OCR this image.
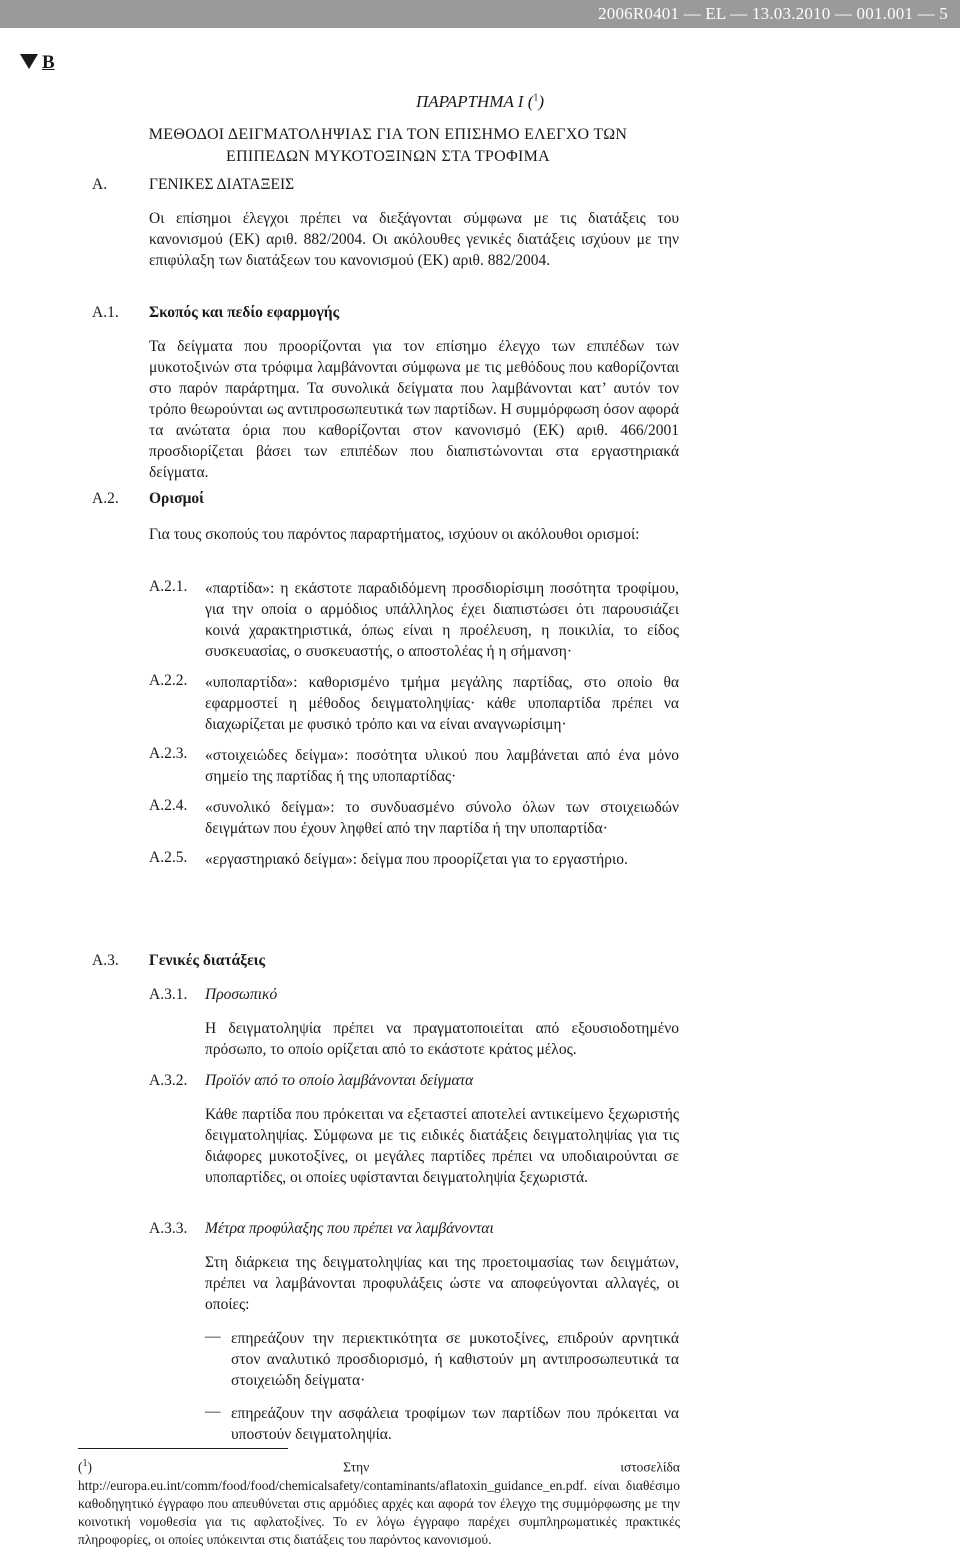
2006R0401 — EL — 13.03.2010 — 001.001 — 5
B
ΠΑΡΑΡΤΗΜΑ I ($^1$)
ΜΕΘΟΔΟΙ ΔΕΙΓΜΑΤΟΛΗΨΙΑΣ ΓΙΑ ΤΟΝ ΕΠΙΣΗΜΟ ΕΛΕΓΧΟ ΤΩΝ
ΕΠΙΠΕΔΩΝ ΜΥΚΟΤΟΞΙΝΩΝ ΣΤΑ ΤΡΟΦΙΜΑ
A.	ΓΕΝΙΚΕΣ ΔΙΑΤΑΞΕΙΣ

Οι επίσημοι έλεγχοι πρέπει να διεξάγονται σύμφωνα με τις διατάξεις του κανονισμού (ΕΚ) αριθ. 882/2004. Οι ακόλουθες γενικές διατάξεις ισχύουν με την επιφύλαξη των διατάξεων του κανονισμού (ΕΚ) αριθ. 882/2004.

A.1. Σκοπός και πεδίο εφαρμογής

Τα δείγματα που προορίζονται για τον επίσημο έλεγχο των επιπέδων των μυκοτοξινών στα τρόφιμα λαμβάνονται σύμφωνα με τις μεθόδους που καθορίζονται στο παρόν παράρτημα. Τα συνολικά δείγματα που λαμβάνονται κατ’ αυτόν τον τρόπο θεωρούνται ως αντιπροσωπευτικά των παρτίδων. Η συμμόρφωση όσον αφορά τα ανώτατα όρια που καθορίζονται στον κανονισμό (ΕΚ) αριθ. 466/2001 προσδιορίζεται βάσει των επιπέδων που διαπιστώνονται στα εργαστηριακά δείγματα.

A.2. Ορισμοί

Για τους σκοπούς του παρόντος παραρτήματος, ισχύουν οι ακόλουθοι ορισμοί:

A.2.1.	«παρτίδα»: η εκάστοτε παραδιδόμενη προσδιορίσιμη ποσότητα τροφίμου, για την οποία ο αρμόδιος υπάλληλος έχει διαπιστώσει ότι παρουσιάζει κοινά χαρακτηριστικά, όπως είναι η προέλευση, η ποικιλία, το είδος συσκευασίας, ο συσκευαστής, ο αποστολέας ή η σήμανση·

A.2.2.	«υποπαρτίδα»: καθορισμένο τμήμα μεγάλης παρτίδας, στο οποίο θα εφαρμοστεί η μέθοδος δειγματοληψίας· κάθε υποπαρτίδα πρέπει να διαχωρίζεται με φυσικό τρόπο και να είναι αναγνωρίσιμη·

A.2.3.	«στοιχειώδες δείγμα»: ποσότητα υλικού που λαμβάνεται από ένα μόνο σημείο της παρτίδας ή της υποπαρτίδας·

A.2.4.	«συνολικό δείγμα»: το συνδυασμένο σύνολο όλων των στοιχειωδών δειγμάτων που έχουν ληφθεί από την παρτίδα ή την υποπαρτίδα·

A.2.5.	«εργαστηριακό δείγμα»: δείγμα που προορίζεται για το εργαστήριο.

A.3. Γενικές διατάξεις
A.3.1. Προσωπικό

Η δειγματοληψία πρέπει να πραγματοποιείται από εξουσιοδοτημένο πρόσωπο, το οποίο ορίζεται από το εκάστοτε κράτος μέλος.

A.3.2. Προϊόν από το οποίο λαμβάνονται δείγματα

Κάθε παρτίδα που πρόκειται να εξεταστεί αποτελεί αντικείμενο ξεχωριστής δειγματοληψίας. Σύμφωνα με τις ειδικές διατάξεις δειγματοληψίας για τις διάφορες μυκοτοξίνες, οι μεγάλες παρτίδες πρέπει να υποδιαιρούνται σε υποπαρτίδες, οι οποίες υφίστανται δειγματοληψία ξεχωριστά.

A.3.3. Μέτρα προφύλαξης που πρέπει να λαμβάνονται

Στη διάρκεια της δειγματοληψίας και της προετοιμασίας των δειγμάτων, πρέπει να λαμβάνονται προφυλάξεις ώστε να αποφεύγονται αλλαγές, οι οποίες:

— επηρεάζουν την περιεκτικότητα σε μυκοτοξίνες, επιδρούν αρνητικά στον αναλυτικό προσδιορισμό, ή καθιστούν μη αντιπροσωπευτικά τα στοιχειώδη δείγματα·

— επηρεάζουν την ασφάλεια τροφίμων των παρτίδων που πρόκειται να υποστούν δειγματοληψία.

($^1$) Στην ιστοσελίδα http://europa.eu.int/comm/food/food/chemicalsafety/contaminants/aflatoxin_guidance_en.pdf. είναι διαθέσιμο καθοδηγητικό έγγραφο που απευθύνεται στις αρμόδιες αρχές και αφορά τον έλεγχο της συμμόρφωσης με την κοινοτική νομοθεσία για τις αφλατοξίνες. Το εν λόγω έγγραφο παρέχει συμπληρωματικές πρακτικές πληροφορίες, οι οποίες υπόκεινται στις διατάξεις του παρόντος κανονισμού.
